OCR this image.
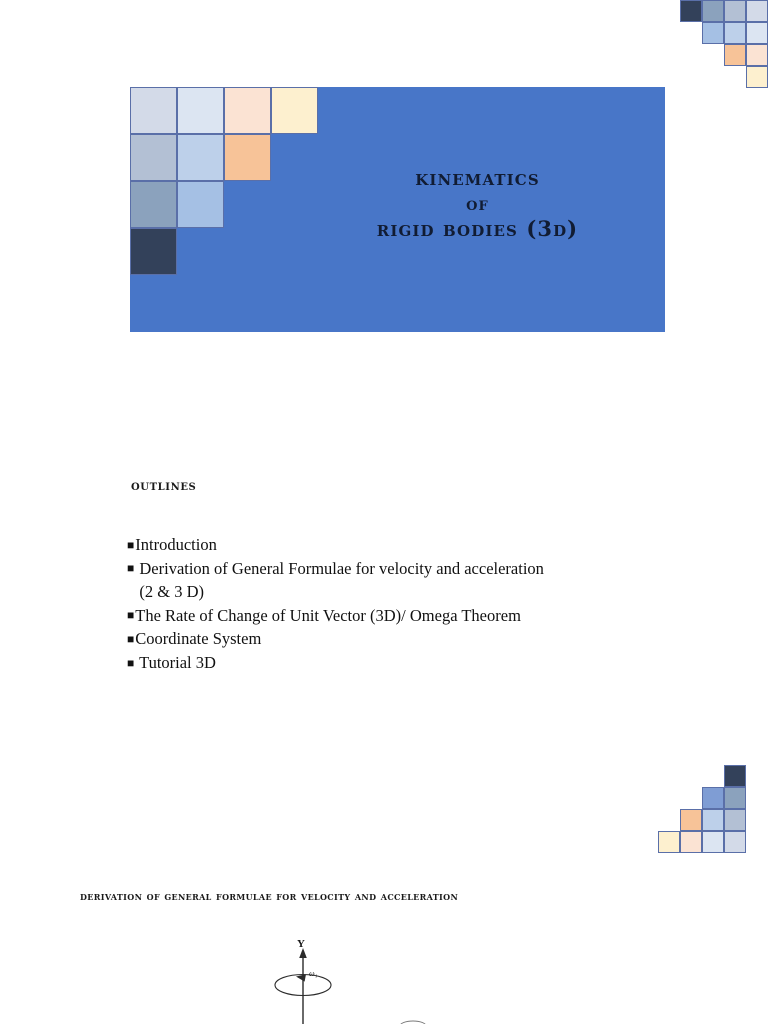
kinematics
of
rigid bodies (3d)
outlines
■Introduction
■ Derivation of General Formulae for velocity and acceleration
(2 & 3 D)
■The Rate of Change of Unit Vector (3D)/ Omega Theorem
■Coordinate System
■ Tutorial 3D
derivation of general formulae for velocity and acceleration
Y
ω₁
